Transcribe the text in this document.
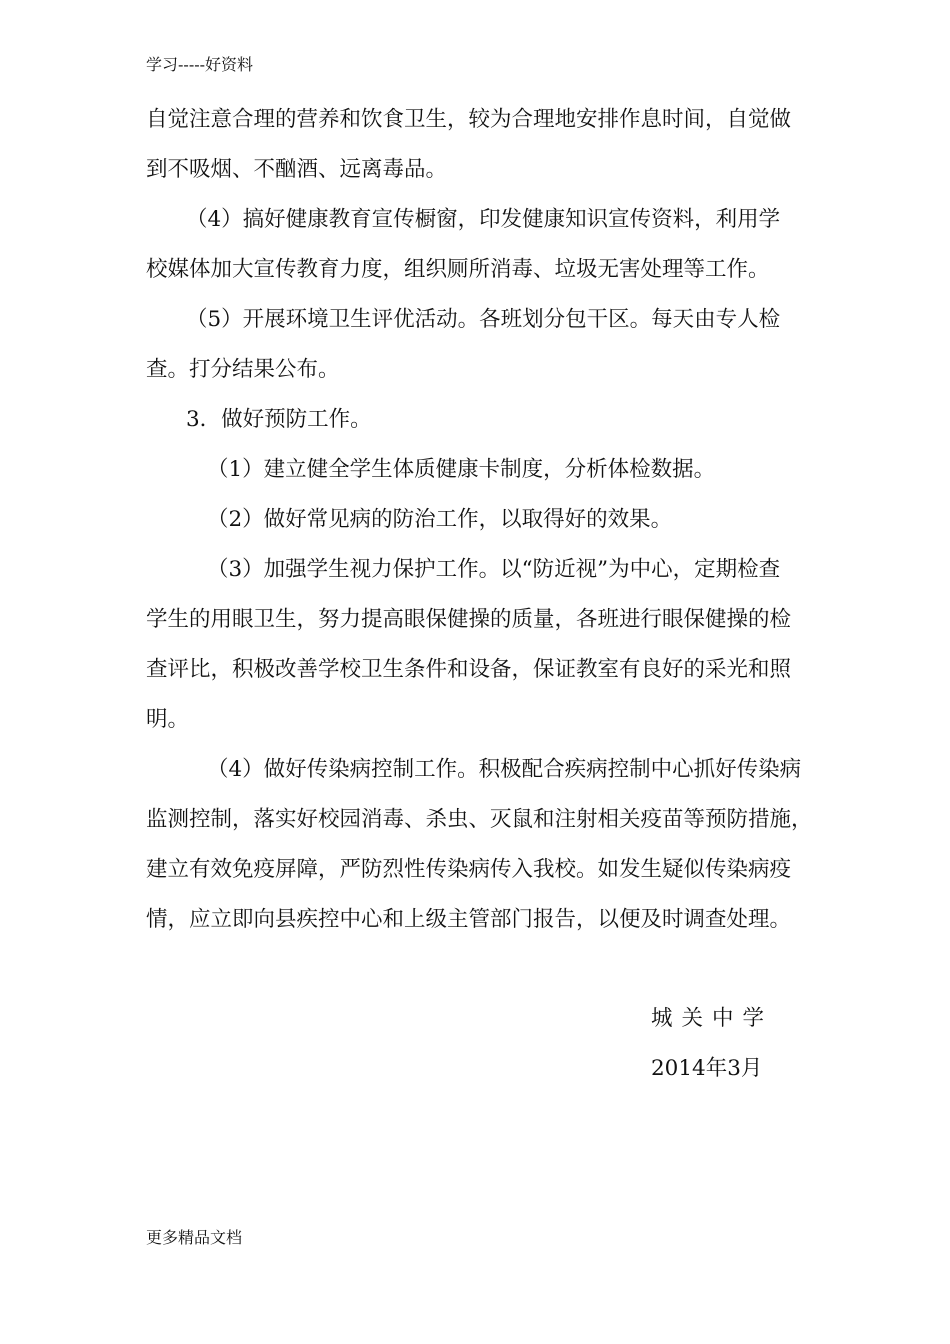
学习-----好资料
自觉注意合理的营养和饮食卫生，较为合理地安排作息时间，自觉做
到不吸烟、不酗酒、远离毒品。
（4）搞好健康教育宣传橱窗，印发健康知识宣传资料，利用学
校媒体加大宣传教育力度，组织厕所消毒、垃圾无害处理等工作。
（5）开展环境卫生评优活动。各班划分包干区。每天由专人检
查。打分结果公布。
3．做好预防工作。
（1）建立健全学生体质健康卡制度，分析体检数据。
（2）做好常见病的防治工作，以取得好的效果。
（3）加强学生视力保护工作。以“防近视”为中心，定期检查
学生的用眼卫生，努力提高眼保健操的质量，各班进行眼保健操的检
查评比，积极改善学校卫生条件和设备，保证教室有良好的采光和照
明。
（4）做好传染病控制工作。积极配合疾病控制中心抓好传染病
监测控制，落实好校园消毒、杀虫、灭鼠和注射相关疫苗等预防措施，
建立有效免疫屏障，严防烈性传染病传入我校。如发生疑似传染病疫
情，应立即向县疾控中心和上级主管部门报告，以便及时调查处理。
城关中学
2014年3月
更多精品文档
